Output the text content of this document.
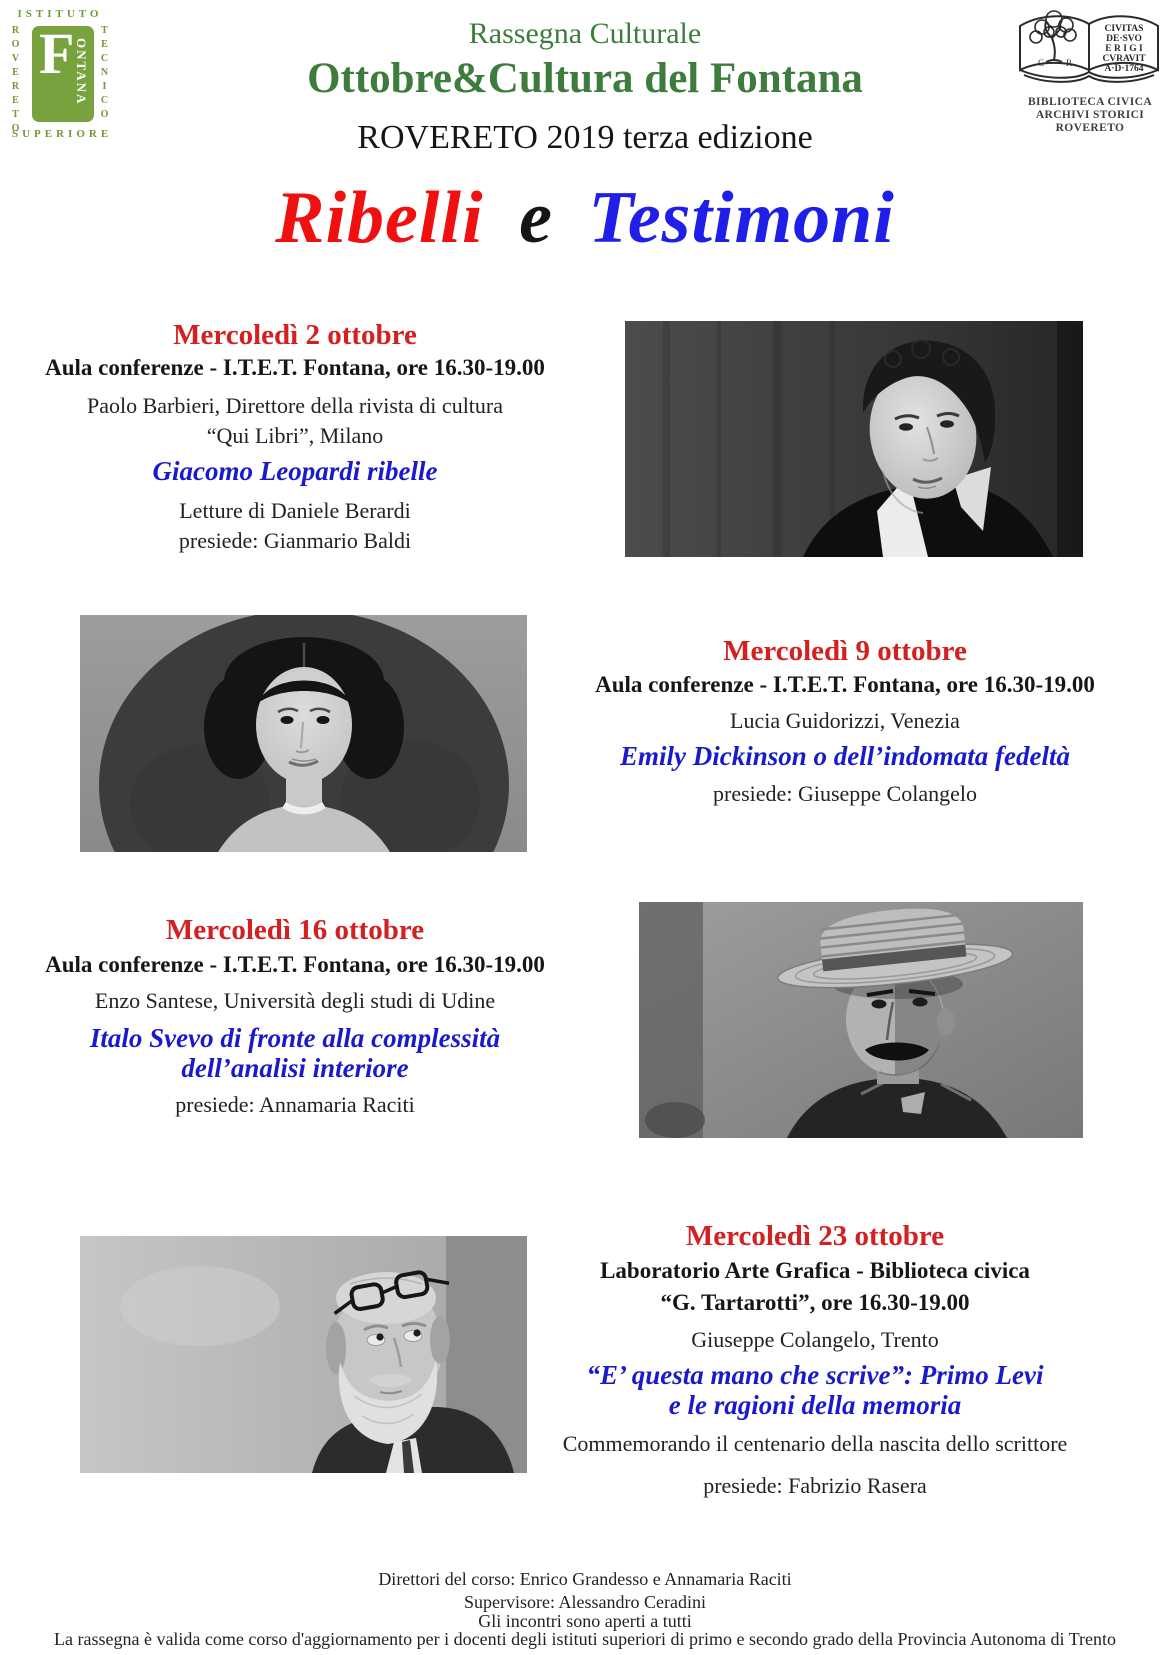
ISTITUTO
ROVERETO	TECNICO
SUPERIORE
F ONTANA	C R
CIVITAS
DE·SVO
E R I G I
CVRAVIT
A·D·1764
BIBLIOTECA CIVICA
ARCHIVI STORICI
ROVERETO
Rassegna Culturale
Ottobre&Cultura del Fontana
ROVERETO 2019 terza edizione
Ribelli e Testimoni
Mercoledì 2 ottobre
Aula conferenze - I.T.E.T. Fontana, ore 16.30-19.00
Paolo Barbieri, Direttore della rivista di cultura
“Qui Libri”, Milano
Giacomo Leopardi ribelle
Letture di Daniele Berardi
presiede: Gianmario Baldi
Mercoledì 9 ottobre
Aula conferenze - I.T.E.T. Fontana, ore 16.30-19.00
Lucia Guidorizzi, Venezia
Emily Dickinson o dell’indomata fedeltà
presiede: Giuseppe Colangelo
Mercoledì 16 ottobre
Aula conferenze - I.T.E.T. Fontana, ore 16.30-19.00
Enzo Santese, Università degli studi di Udine
Italo Svevo di fronte alla complessità
dell’analisi interiore
presiede: Annamaria Raciti
Mercoledì 23 ottobre
Laboratorio Arte Grafica - Biblioteca civica
“G. Tartarotti”, ore 16.30-19.00
Giuseppe Colangelo, Trento
“E’ questa mano che scrive”: Primo Levi
e le ragioni della memoria
Commemorando il centenario della nascita dello scrittore
presiede: Fabrizio Rasera
Direttori del corso: Enrico Grandesso e Annamaria Raciti
Supervisore: Alessandro Ceradini
Gli incontri sono aperti a tutti
La rassegna è valida come corso d'aggiornamento per i docenti degli istituti superiori di primo e secondo grado della Provincia Autonoma di Trento
